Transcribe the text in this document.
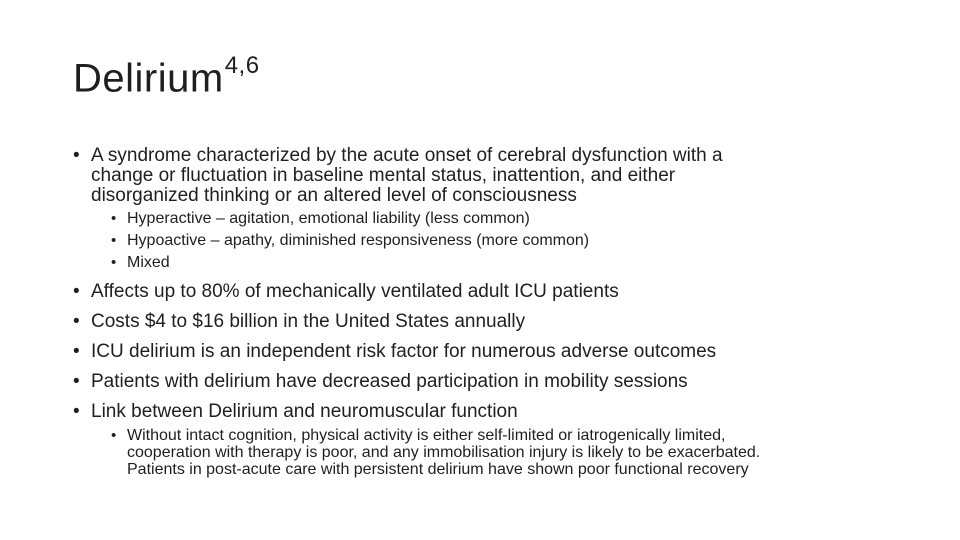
Delirium$^{4,6}$
• A syndrome characterized by the acute onset of cerebral dysfunction with a
change or fluctuation in baseline mental status, inattention, and either
disorganized thinking or an altered level of consciousness
• Hyperactive – agitation, emotional liability (less common)
• Hypoactive – apathy, diminished responsiveness (more common)
• Mixed
• Affects up to 80% of mechanically ventilated adult ICU patients
• Costs $4 to $16 billion in the United States annually
• ICU delirium is an independent risk factor for numerous adverse outcomes
• Patients with delirium have decreased participation in mobility sessions
• Link between Delirium and neuromuscular function
• Without intact cognition, physical activity is either self-limited or iatrogenically limited,
cooperation with therapy is poor, and any immobilisation injury is likely to be exacerbated.
Patients in post-acute care with persistent delirium have shown poor functional recovery
